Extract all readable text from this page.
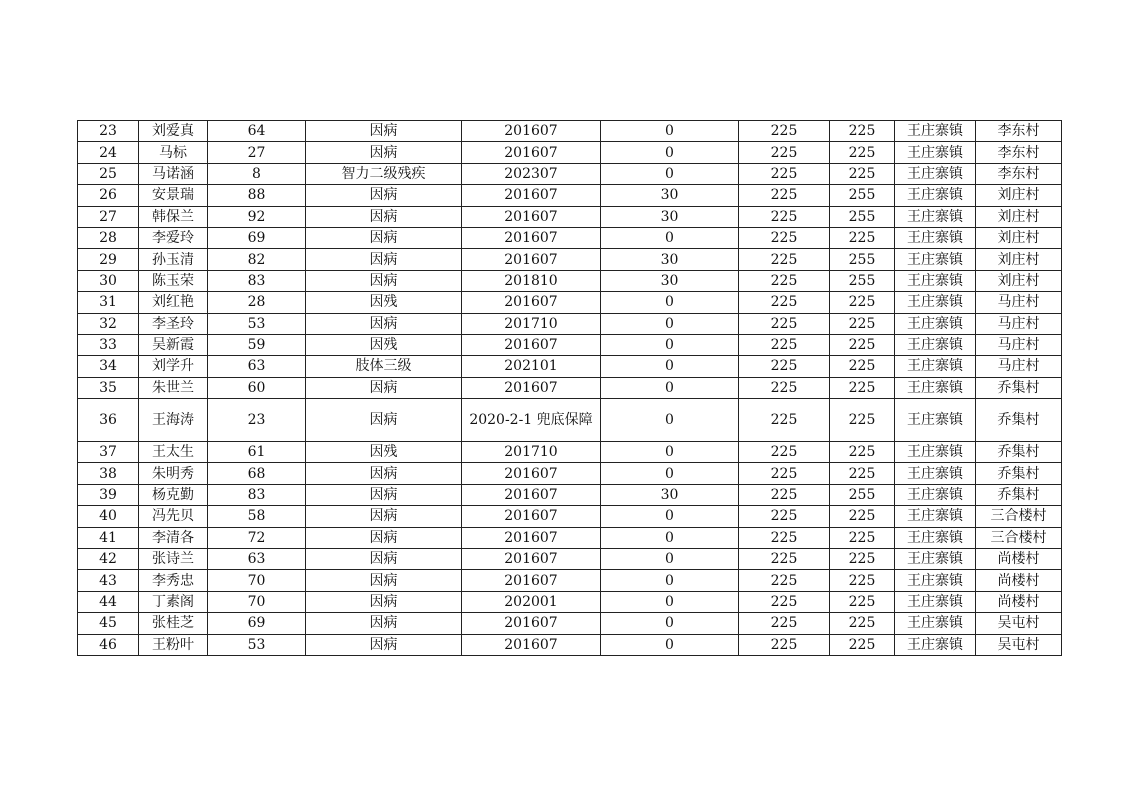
23	刘爱真	64	因病	201607	0	225	225	王庄寨镇	李东村
24	马标	27	因病	201607	0	225	225	王庄寨镇	李东村
25	马诺涵	8	智力二级残疾	202307	0	225	225	王庄寨镇	李东村
26	安景瑞	88	因病	201607	30	225	255	王庄寨镇	刘庄村
27	韩保兰	92	因病	201607	30	225	255	王庄寨镇	刘庄村
28	李爱玲	69	因病	201607	0	225	225	王庄寨镇	刘庄村
29	孙玉清	82	因病	201607	30	225	255	王庄寨镇	刘庄村
30	陈玉荣	83	因病	201810	30	225	255	王庄寨镇	刘庄村
31	刘红艳	28	因残	201607	0	225	225	王庄寨镇	马庄村
32	李圣玲	53	因病	201710	0	225	225	王庄寨镇	马庄村
33	吴新霞	59	因残	201607	0	225	225	王庄寨镇	马庄村
34	刘学升	63	肢体三级	202101	0	225	225	王庄寨镇	马庄村
35	朱世兰	60	因病	201607	0	225	225	王庄寨镇	乔集村
36	王海涛	23	因病	2020-2-1 兜底保障	0	225	225	王庄寨镇	乔集村
37	王太生	61	因残	201710	0	225	225	王庄寨镇	乔集村
38	朱明秀	68	因病	201607	0	225	225	王庄寨镇	乔集村
39	杨克勤	83	因病	201607	30	225	255	王庄寨镇	乔集村
40	冯先贝	58	因病	201607	0	225	225	王庄寨镇	三合楼村
41	李清各	72	因病	201607	0	225	225	王庄寨镇	三合楼村
42	张诗兰	63	因病	201607	0	225	225	王庄寨镇	尚楼村
43	李秀忠	70	因病	201607	0	225	225	王庄寨镇	尚楼村
44	丁素阁	70	因病	202001	0	225	225	王庄寨镇	尚楼村
45	张桂芝	69	因病	201607	0	225	225	王庄寨镇	吴屯村
46	王粉叶	53	因病	201607	0	225	225	王庄寨镇	吴屯村
